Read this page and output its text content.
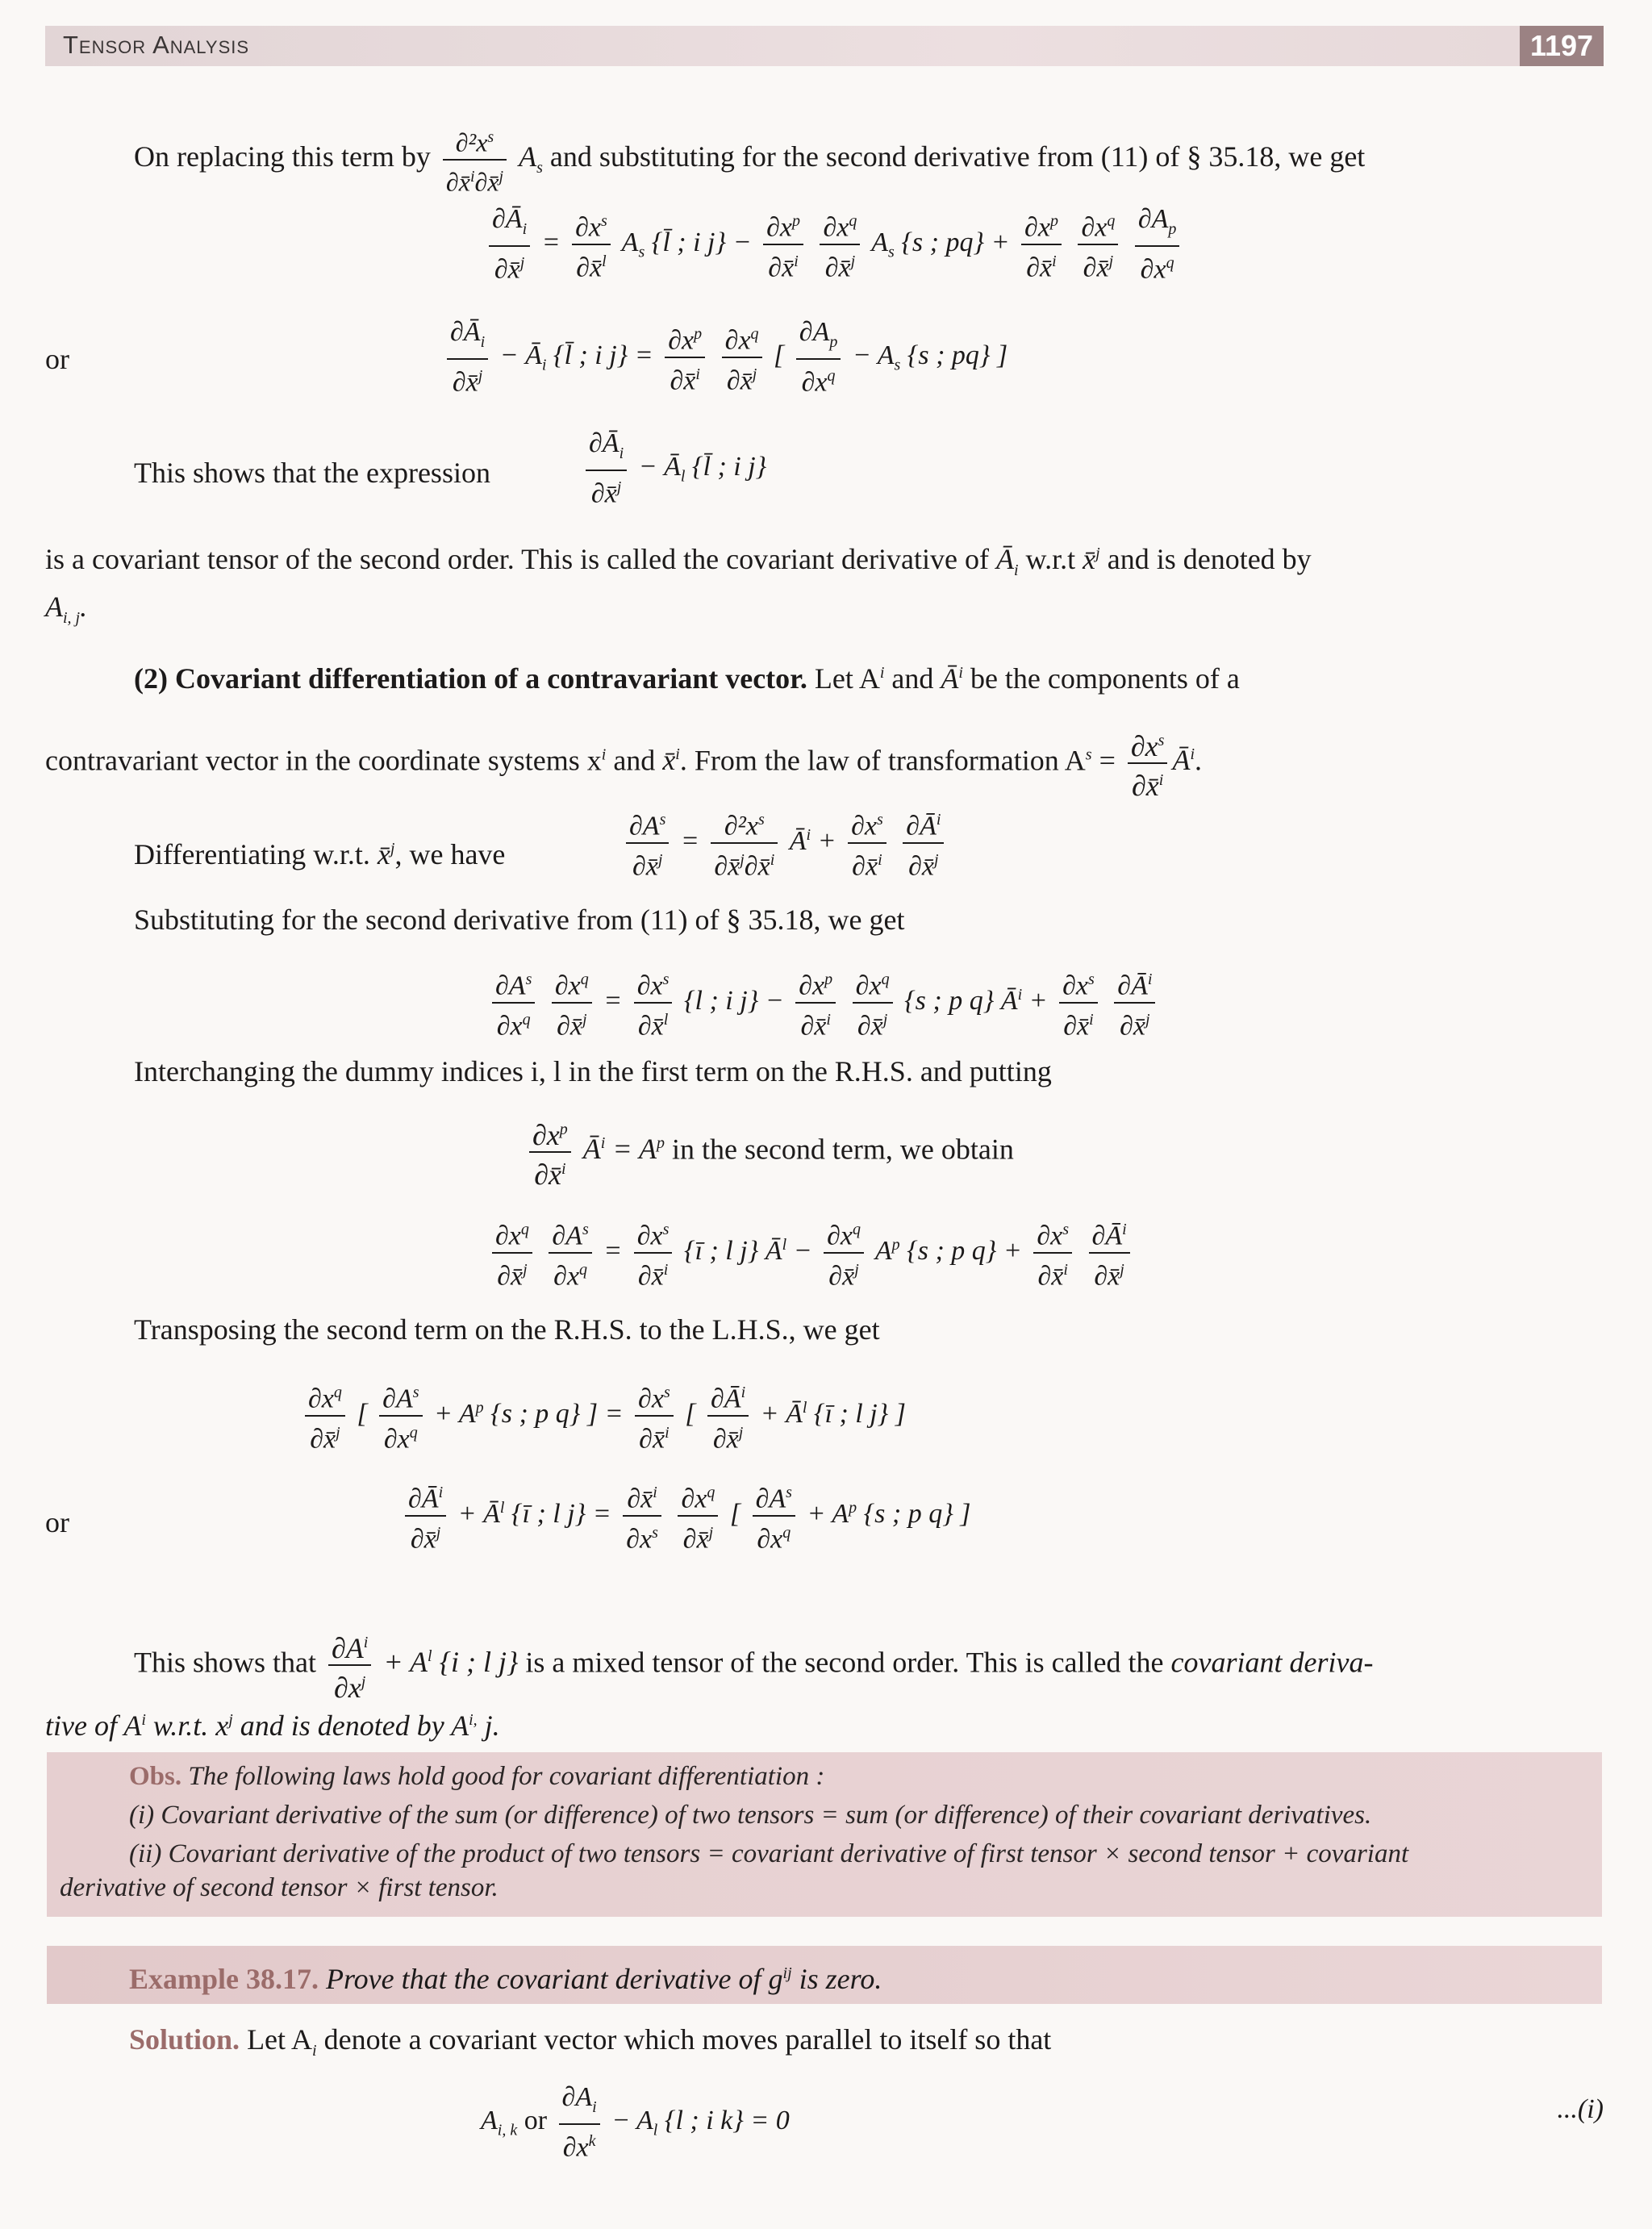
Tensor Analysis	1197
On replacing this term by $\frac{\partial^2x^s}{\partial x̄^i\partial x̄^j} A_s$ and substituting for the second derivative from (11) of § 35.18, we get
$\frac{\partial Ā_i}{\partial x̄^j} = \frac{\partial x^s}{\partial x̄^l} A_s$ {l̄ ; i $j\} - \frac{\partial x^p}{\partial x̄^i}$
$\frac{\partial x^q}{\partial x̄^j} A_s$ {s ; $pq\} + \frac{\partial x^p}{\partial x̄^i}$
$\frac{\partial x^q}{\partial x̄^j}$
$\frac{\partial A_p}{\partial x^q}$
or	$\frac{\partial Ā_i}{\partial x̄^j}$ − $Ā_i$ {l̄ ; i $j\} = \frac{\partial x^p}{\partial x̄^i}$
$\frac{\partial x^q}{\partial x̄^j}$ [ $\frac{\partial A_p}{\partial x^q} - A_s$ {s ; pq} ]
This shows that the expression	$\frac{\partial Ā_i}{\partial x̄^j}$ − $Ā_l$ {l̄ ; i j}
is a covariant tensor of the second order. This is called the covariant derivative of $Ā_i$ w.r.t x̄$^j$ and is denoted by
$A_{i, j}$.
(2) Covariant differentiation of a contravariant vector. Let $A^i$ and $Ā^i$ be the components of a
contravariant vector in the coordinate systems $x^i$ and x̄$^i$. From the law of transformation $A^s = \frac{\partial x^s}{\partial x̄^i}$ $Ā^i$.
Differentiating w.r.t. x̄$^j$, we have	$\frac{\partial A^s}{\partial x̄^j} = \frac{\partial^2x^s}{\partial x̄^j\partial x̄^i}$ $Ā^i + \frac{\partial x^s}{\partial x̄^i}$
$\frac{\partial Ā^i}{\partial x̄^j}$
Substituting for the second derivative from (11) of § 35.18, we get
$\frac{\partial A^s}{\partial x^q}$
$\frac{\partial x^q}{\partial x̄^j} = \frac{\partial x^s}{\partial x̄^l} \{l$ ; i $j\} - \frac{\partial x^p}{\partial x̄^i}$
$\frac{\partial x^q}{\partial x̄^j} \{s$ ; p q} $Ā^i + \frac{\partial x^s}{\partial x̄^i}$
$\frac{\partial Ā^i}{\partial x̄^j}$
Interchanging the dummy indices i, l in the first term on the R.H.S. and putting
$\frac{\partial x^p}{\partial x̄^i}$ $Ā^i = A^p$ in the second term, we obtain
$\frac{\partial x^q}{\partial x̄^j}$
$\frac{\partial A^s}{\partial x^q} = \frac{\partial x^s}{\partial x̄^i}$ {ī ; l j} $Ā^l - \frac{\partial x^q}{\partial x̄^j} A^p$ {s ; p $q\} + \frac{\partial x^s}{\partial x̄^i}$
$\frac{\partial Ā^i}{\partial x̄^j}$
Transposing the second term on the R.H.S. to the L.H.S., we get
$\frac{\partial x^q}{\partial x̄^j}$ [ $\frac{\partial A^s}{\partial x^q} + A^p$ {s ; p q} ] = $\frac{\partial x^s}{\partial x̄^i}$ [ $\frac{\partial Ā^i}{\partial x̄^j}$ + $Ā^l$ {ī ; l j} ]
or	$\frac{\partial Ā^i}{\partial x̄^j}$ + $Ā^l$ {ī ; l $j\} = \frac{\partial x̄^i}{\partial x^s}$
$\frac{\partial x^q}{\partial x̄^j}$ [ $\frac{\partial A^s}{\partial x^q} + A^p$ {s ; p q} ]
This shows that $\frac{\partial A^i}{\partial x^j} + A^l$ {i ; l j} is a mixed tensor of the second order. This is called the covariant deriva-
tive of $A^i$ w.r.t. $x^j$ and is denoted by $A^{i,}$ j.
Obs. The following laws hold good for covariant differentiation :
(i) Covariant derivative of the sum (or difference) of two tensors = sum (or difference) of their covariant derivatives.
(ii) Covariant derivative of the product of two tensors = covariant derivative of first tensor × second tensor + covariant
derivative of second tensor × first tensor.
Example 38.17. Prove that the covariant derivative of $g^{ij}$ is zero.
Solution. Let $A_i$ denote a covariant vector which moves parallel to itself so that
$A_{i, k}$ or $\frac{\partial A_i}{\partial x^k} - A_l$ {l ; i k} = 0	...(i)
